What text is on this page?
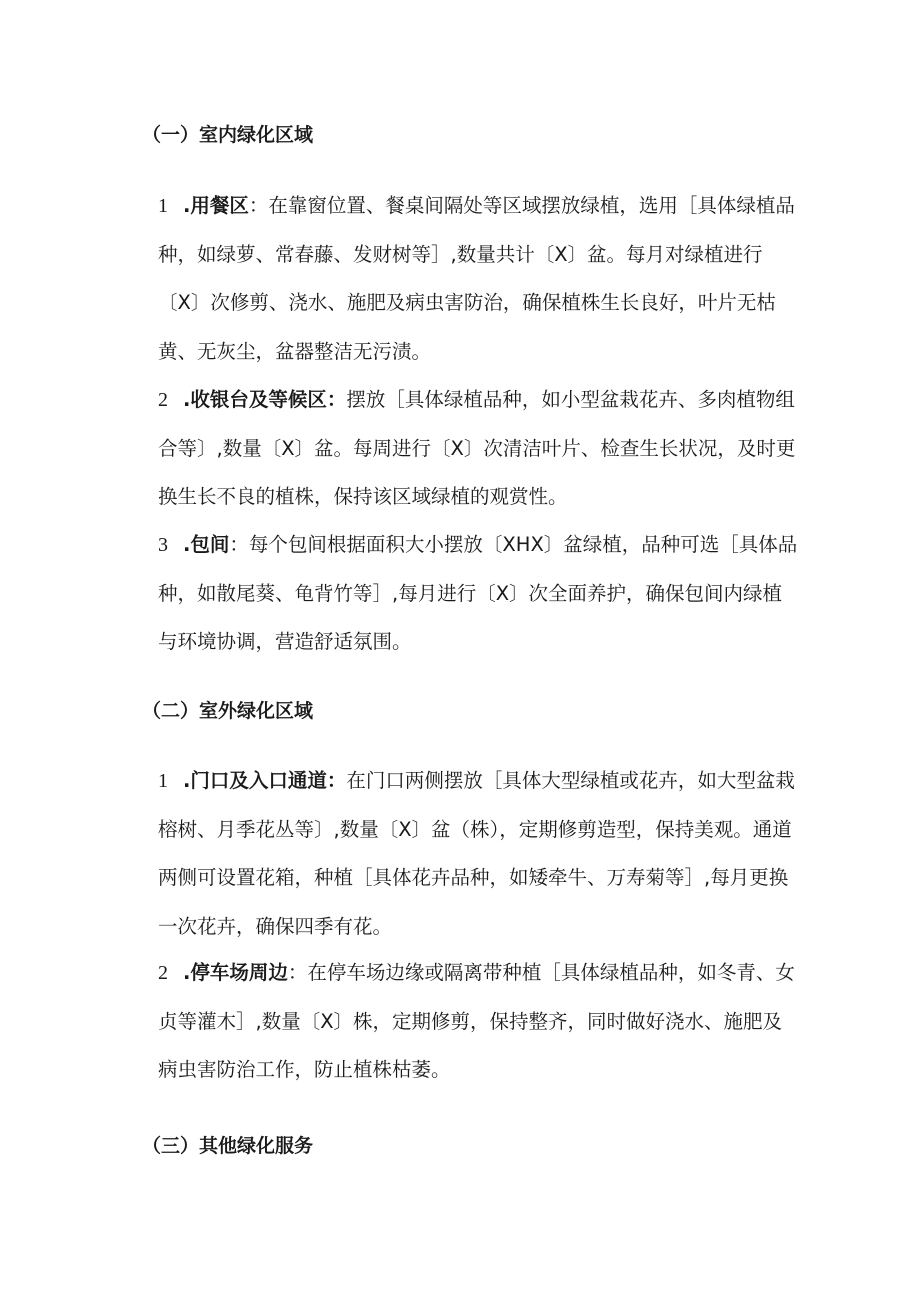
（一）室内绿化区域
1 .用餐区：在靠窗位置、餐桌间隔处等区域摆放绿植，选用［具体绿植品种，如绿萝、常春藤、发财树等］,数量共计〔X〕盆。每月对绿植进行〔X〕次修剪、浇水、施肥及病虫害防治，确保植株生长良好，叶片无枯黄、无灰尘，盆器整洁无污渍。
2 .收银台及等候区：摆放［具体绿植品种，如小型盆栽花卉、多肉植物组合等〕,数量〔X〕盆。每周进行〔X〕次清洁叶片、检查生长状况，及时更换生长不良的植株，保持该区域绿植的观赏性。
3 .包间：每个包间根据面积大小摆放〔XHX〕盆绿植，品种可选［具体品种，如散尾葵、龟背竹等］,每月进行〔X〕次全面养护，确保包间内绿植与环境协调，营造舒适氛围。
（二）室外绿化区域
1 .门口及入口通道：在门口两侧摆放［具体大型绿植或花卉，如大型盆栽榕树、月季花丛等〕,数量〔X〕盆（株），定期修剪造型，保持美观。通道两侧可设置花箱，种植［具体花卉品种，如矮牵牛、万寿菊等］,每月更换一次花卉，确保四季有花。
2 .停车场周边：在停车场边缘或隔离带种植［具体绿植品种，如冬青、女贞等灌木］,数量〔X〕株，定期修剪，保持整齐，同时做好浇水、施肥及病虫害防治工作，防止植株枯萎。
（三）其他绿化服务
